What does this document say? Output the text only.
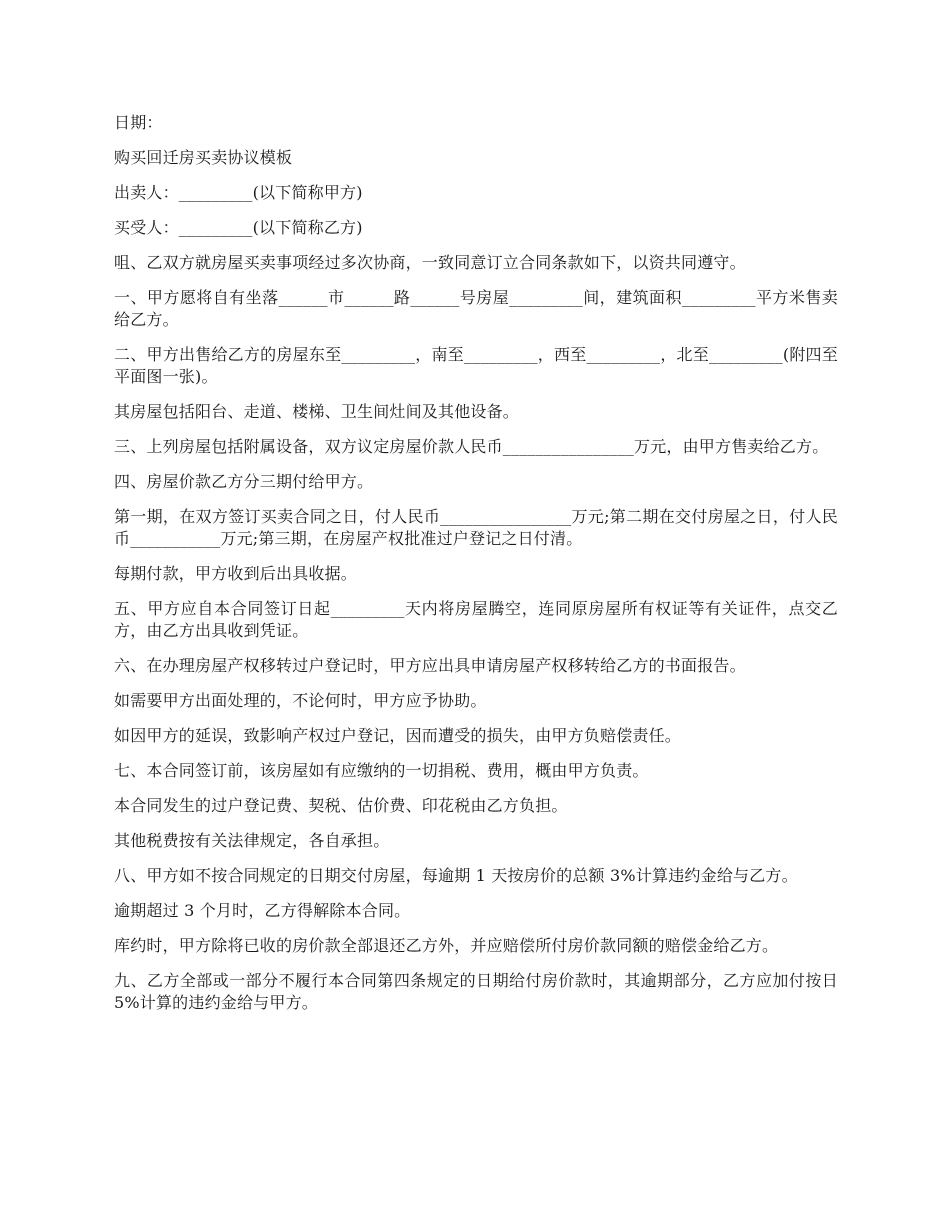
日期：

购买回迁房买卖协议模板

出卖人：_________(以下简称甲方)

买受人：_________(以下简称乙方)

咀、乙双方就房屋买卖事项经过多次协商，一致同意订立合同条款如下，以资共同遵守。

一、甲方愿将自有坐落______市______路______号房屋_________间，建筑面积_________平方米售卖给乙方。

二、甲方出售给乙方的房屋东至_________，南至_________，西至_________，北至_________(附四至平面图一张)。

其房屋包括阳台、走道、楼梯、卫生间灶间及其他设备。

三、上列房屋包括附属设备，双方议定房屋价款人民币________________万元，由甲方售卖给乙方。

四、房屋价款乙方分三期付给甲方。

第一期，在双方签订买卖合同之日，付人民币________________万元;第二期在交付房屋之日，付人民币___________万元;第三期，在房屋产权批准过户登记之日付清。

每期付款，甲方收到后出具收据。

五、甲方应自本合同签订日起_________天内将房屋腾空，连同原房屋所有权证等有关证件，点交乙方，由乙方出具收到凭证。

六、在办理房屋产权移转过户登记时，甲方应出具申请房屋产权移转给乙方的书面报告。

如需要甲方出面处理的，不论何时，甲方应予协助。

如因甲方的延误，致影响产权过户登记，因而遭受的损失，由甲方负赔偿责任。

七、本合同签订前，该房屋如有应缴纳的一切捐税、费用，概由甲方负责。

本合同发生的过户登记费、契税、估价费、印花税由乙方负担。

其他税费按有关法律规定，各自承担。

八、甲方如不按合同规定的日期交付房屋，每逾期 1 天按房价的总额 3%计算违约金给与乙方。

逾期超过 3 个月时，乙方得解除本合同。

库约时，甲方除将已收的房价款全部退还乙方外，并应赔偿所付房价款同额的赔偿金给乙方。

九、乙方全部或一部分不履行本合同第四条规定的日期给付房价款时，其逾期部分，乙方应加付按日 5%计算的违约金给与甲方。
